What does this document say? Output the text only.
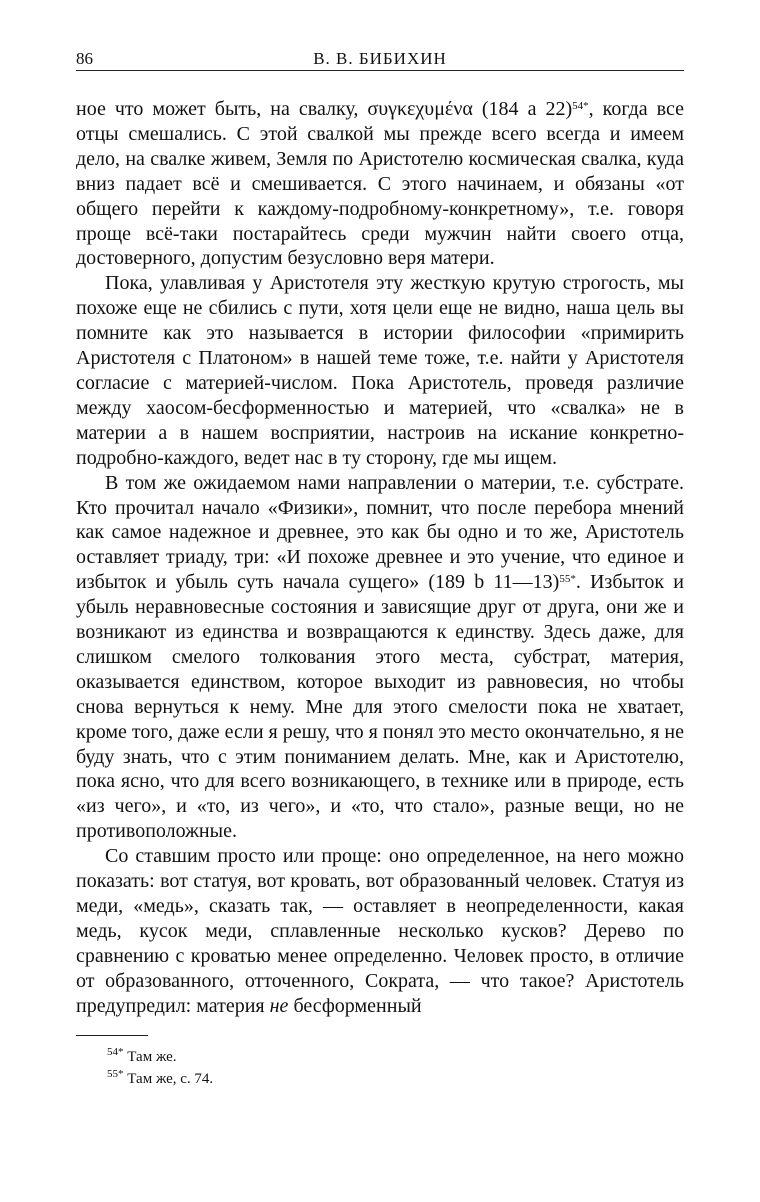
86	В. В. БИБИХИН

ное что может быть, на свалку, συγκεχυμένα (184 a 22)$^{54*}$, когда все отцы смешались. С этой свалкой мы прежде всего всегда и имеем дело, на свалке живем, Земля по Аристотелю космическая свалка, куда вниз падает всё и смешивается. С этого начинаем, и обязаны «от общего перейти к каждому-подробному-конкретному», т.е. говоря проще всё-таки постарайтесь среди мужчин найти своего отца, достоверного, допустим безусловно веря матери.

Пока, улавливая у Аристотеля эту жесткую крутую строгость, мы похоже еще не сбились с пути, хотя цели еще не видно, наша цель вы помните как это называется в истории философии «примирить Аристотеля с Платоном» в нашей теме тоже, т.е. найти у Аристотеля согласие с материей-числом. Пока Аристотель, проведя различие между хаосом-бесформенностью и материей, что «свалка» не в материи а в нашем восприятии, настроив на искание конкретно-подробно-каждого, ведет нас в ту сторону, где мы ищем.

В том же ожидаемом нами направлении о материи, т.е. субстрате. Кто прочитал начало «Физики», помнит, что после перебора мнений как самое надежное и древнее, это как бы одно и то же, Аристотель оставляет триаду, три: «И похоже древнее и это учение, что единое и избыток и убыль суть начала сущего» (189 b 11—13)$^{55*}$. Избыток и убыль неравновесные состояния и зависящие друг от друга, они же и возникают из единства и возвращаются к единству. Здесь даже, для слишком смелого толкования этого места, субстрат, материя, оказывается единством, которое выходит из равновесия, но чтобы снова вернуться к нему. Мне для этого смелости пока не хватает, кроме того, даже если я решу, что я понял это место окончательно, я не буду знать, что с этим пониманием делать. Мне, как и Аристотелю, пока ясно, что для всего возникающего, в технике или в природе, есть «из чего», и «то, из чего», и «то, что стало», разные вещи, но не противоположные.

Со ставшим просто или проще: оно определенное, на него можно показать: вот статуя, вот кровать, вот образованный человек. Статуя из меди, «медь», сказать так, — оставляет в неопределенности, какая медь, кусок меди, сплавленные несколько кусков? Дерево по сравнению с кроватью менее определенно. Человек просто, в отличие от образованного, отточенного, Сократа, — что такое? Аристотель предупредил: материя не бесформенный

$^{54*}$ Там же.

$^{55*}$ Там же, с. 74.
